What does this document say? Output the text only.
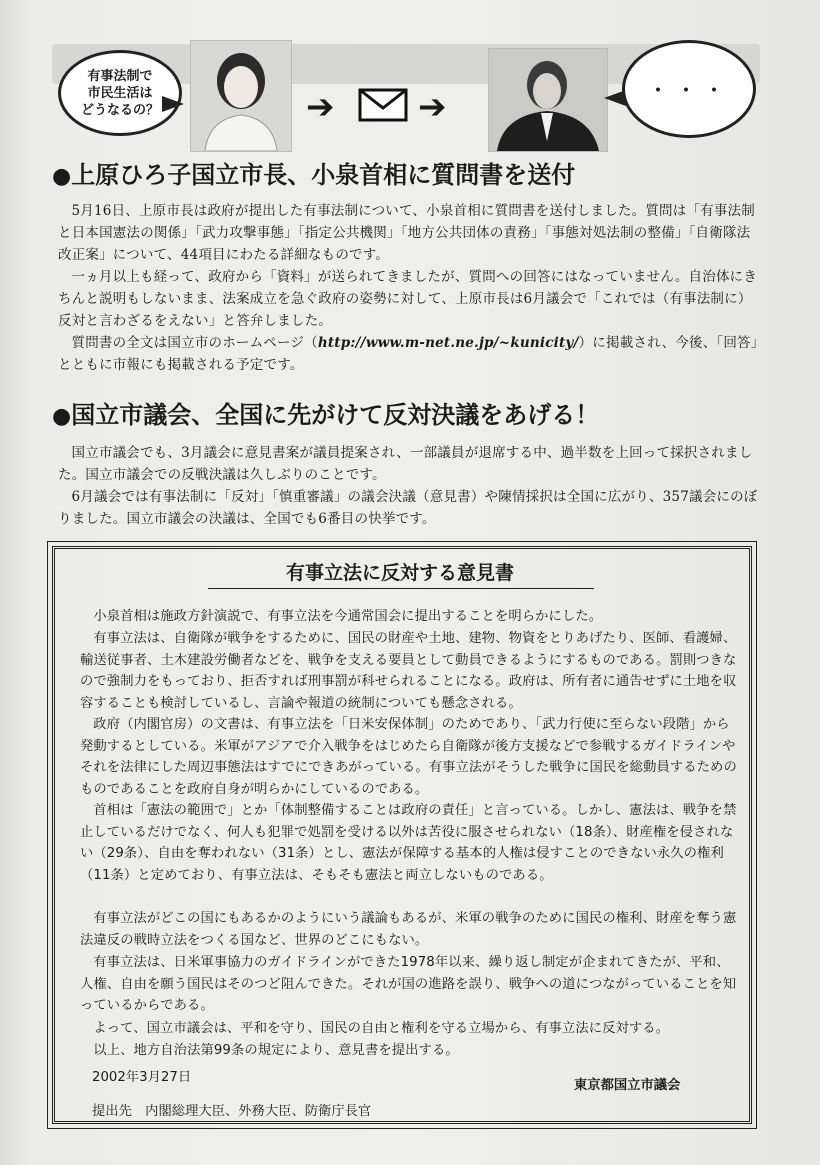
有事法制で
市民生活は
どうなるの？	➔ ➔	・・・
●上原ひろ子国立市長、小泉首相に質問書を送付

5月16日、上原市長は政府が提出した有事法制について、小泉首相に質問書を送付しました。質問は「有事法制と日本国憲法の関係」「武力攻撃事態」「指定公共機関」「地方公共団体の責務」「事態対処法制の整備」「自衛隊法改正案」について、44項目にわたる詳細なものです。

一ヵ月以上も経って、政府から「資料」が送られてきましたが、質問への回答にはなっていません。自治体にきちんと説明もしないまま、法案成立を急ぐ政府の姿勢に対して、上原市長は6月議会で「これでは（有事法制に）反対と言わざるをえない」と答弁しました。

質問書の全文は国立市のホームページ（http://www.m-net.ne.jp/~kunicity/）に掲載され、今後、「回答」とともに市報にも掲載される予定です。

●国立市議会、全国に先がけて反対決議をあげる！

国立市議会でも、3月議会に意見書案が議員提案され、一部議員が退席する中、過半数を上回って採択されました。国立市議会での反戦決議は久しぶりのことです。

6月議会では有事法制に「反対」「慎重審議」の議会決議（意見書）や陳情採択は全国に広がり、357議会にのぼりました。国立市議会の決議は、全国でも6番目の快挙です。

有事立法に反対する意見書

小泉首相は施政方針演説で、有事立法を今通常国会に提出することを明らかにした。

有事立法は、自衛隊が戦争をするために、国民の財産や土地、建物、物資をとりあげたり、医師、看護婦、輸送従事者、土木建設労働者などを、戦争を支える要員として動員できるようにするものである。罰則つきなので強制力をもっており、拒否すれば刑事罰が科せられることになる。政府は、所有者に通告せずに土地を収容することも検討しているし、言論や報道の統制についても懸念される。

政府（内閣官房）の文書は、有事立法を「日米安保体制」のためであり、「武力行使に至らない段階」から発動するとしている。米軍がアジアで介入戦争をはじめたら自衛隊が後方支援などで参戦するガイドラインやそれを法律にした周辺事態法はすでにできあがっている。有事立法がそうした戦争に国民を総動員するためのものであることを政府自身が明らかにしているのである。

首相は「憲法の範囲で」とか「体制整備することは政府の責任」と言っている。しかし、憲法は、戦争を禁止しているだけでなく、何人も犯罪で処罰を受ける以外は苦役に服させられない（18条）、財産権を侵されない（29条）、自由を奪われない（31条）とし、憲法が保障する基本的人権は侵すことのできない永久の権利（11条）と定めており、有事立法は、そもそも憲法と両立しないものである。

有事立法がどこの国にもあるかのようにいう議論もあるが、米軍の戦争のために国民の権利、財産を奪う憲法違反の戦時立法をつくる国など、世界のどこにもない。

有事立法は、日米軍事協力のガイドラインができた1978年以来、繰り返し制定が企まれてきたが、平和、人権、自由を願う国民はそのつど阻んできた。それが国の進路を誤り、戦争への道につながっていることを知っているからである。

よって、国立市議会は、平和を守り、国民の自由と権利を守る立場から、有事立法に反対する。

以上、地方自治法第99条の規定により、意見書を提出する。

2002年3月27日

東京都国立市議会

提出先　内閣総理大臣、外務大臣、防衛庁長官
